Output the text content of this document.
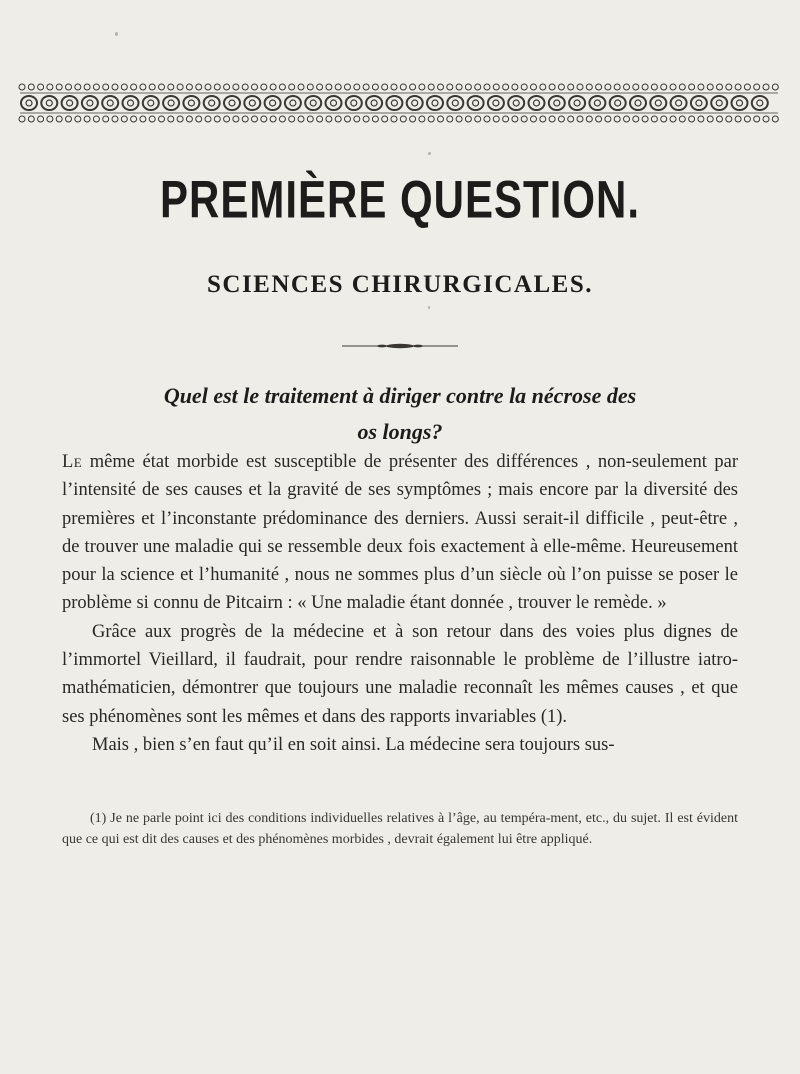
PREMIÈRE QUESTION.
SCIENCES CHIRURGICALES.
Quel est le traitement à diriger contre la nécrose des
os longs?

Le même état morbide est susceptible de présenter des différences , non-seulement par l’intensité de ses causes et la gravité de ses symptômes ; mais encore par la diversité des premières et l’inconstante prédominance des derniers. Aussi serait-il difficile , peut-être , de trouver une maladie qui se ressemble deux fois exactement à elle-même. Heureusement pour la science et l’humanité , nous ne sommes plus d’un siècle où l’on puisse se poser le problème si connu de Pitcairn : « Une maladie étant donnée , trouver le remède. »

Grâce aux progrès de la médecine et à son retour dans des voies plus dignes de l’immortel Vieillard, il faudrait, pour rendre raisonnable le problème de l’illustre iatro-mathématicien, démontrer que toujours une maladie reconnaît les mêmes causes , et que ses phénomènes sont les mêmes et dans des rapports invariables (1).

Mais , bien s’en faut qu’il en soit ainsi. La médecine sera toujours sus-

(1) Je ne parle point ici des conditions individuelles relatives à l’âge, au tempéra-ment, etc., du sujet. Il est évident que ce qui est dit des causes et des phénomènes morbides , devrait également lui être appliqué.
